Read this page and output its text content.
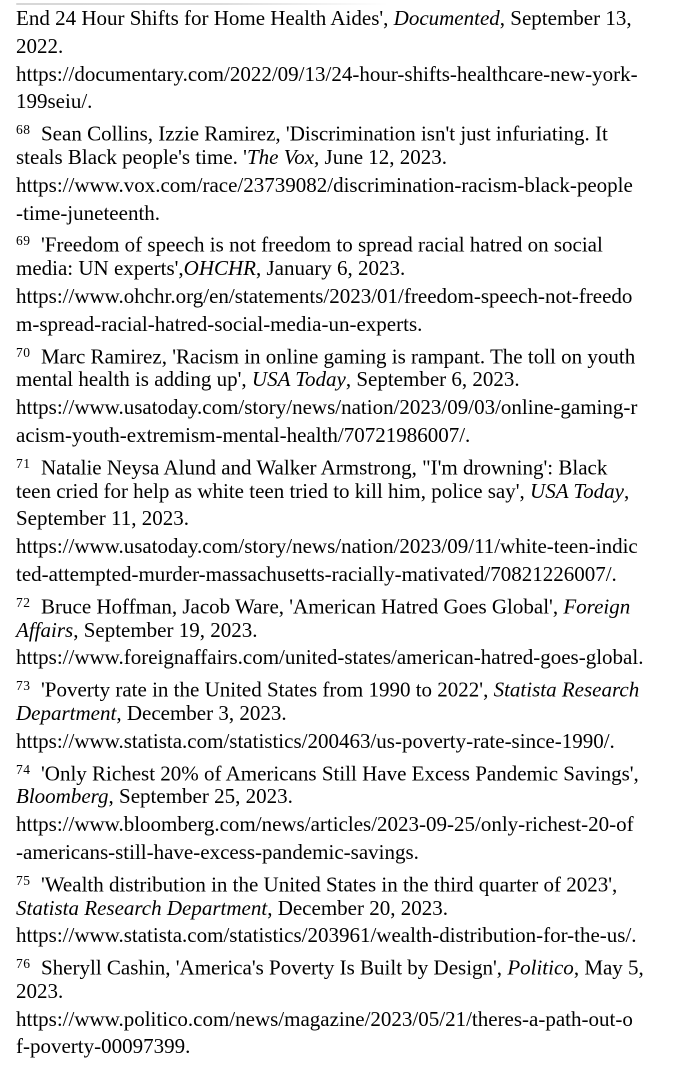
End 24 Hour Shifts for Home Health Aides', Documented, September 13,
2022.
https://documentary.com/2022/09/13/24-hour-shifts-healthcare-new-york-
199seiu/.
$^{68}$  Sean Collins, Izzie Ramirez, 'Discrimination isn't just infuriating. It
steals Black people's time. 'The Vox, June 12, 2023.
https://www.vox.com/race/23739082/discrimination-racism-black-people
-time-juneteenth.
$^{69}$  'Freedom of speech is not freedom to spread racial hatred on social
media: UN experts',OHCHR, January 6, 2023.
https://www.ohchr.org/en/statements/2023/01/freedom-speech-not-freedo
m-spread-racial-hatred-social-media-un-experts.
$^{70}$  Marc Ramirez, 'Racism in online gaming is rampant. The toll on youth
mental health is adding up', USA Today, September 6, 2023.
https://www.usatoday.com/story/news/nation/2023/09/03/online-gaming-r
acism-youth-extremism-mental-health/70721986007/.
$^{71}$  Natalie Neysa Alund and Walker Armstrong, "I'm drowning': Black
teen cried for help as white teen tried to kill him, police say', USA Today,
September 11, 2023.
https://www.usatoday.com/story/news/nation/2023/09/11/white-teen-indic
ted-attempted-murder-massachusetts-racially-mativated/70821226007/.
$^{72}$  Bruce Hoffman, Jacob Ware, 'American Hatred Goes Global', Foreign
Affairs, September 19, 2023.
https://www.foreignaffairs.com/united-states/american-hatred-goes-global.
$^{73}$  'Poverty rate in the United States from 1990 to 2022', Statista Research
Department, December 3, 2023.
https://www.statista.com/statistics/200463/us-poverty-rate-since-1990/.
$^{74}$  'Only Richest 20% of Americans Still Have Excess Pandemic Savings',
Bloomberg, September 25, 2023.
https://www.bloomberg.com/news/articles/2023-09-25/only-richest-20-of
-americans-still-have-excess-pandemic-savings.
$^{75}$  'Wealth distribution in the United States in the third quarter of 2023',
Statista Research Department, December 20, 2023.
https://www.statista.com/statistics/203961/wealth-distribution-for-the-us/.
$^{76}$  Sheryll Cashin, 'America's Poverty Is Built by Design', Politico, May 5,
2023.
https://www.politico.com/news/magazine/2023/05/21/theres-a-path-out-o
f-poverty-00097399.
